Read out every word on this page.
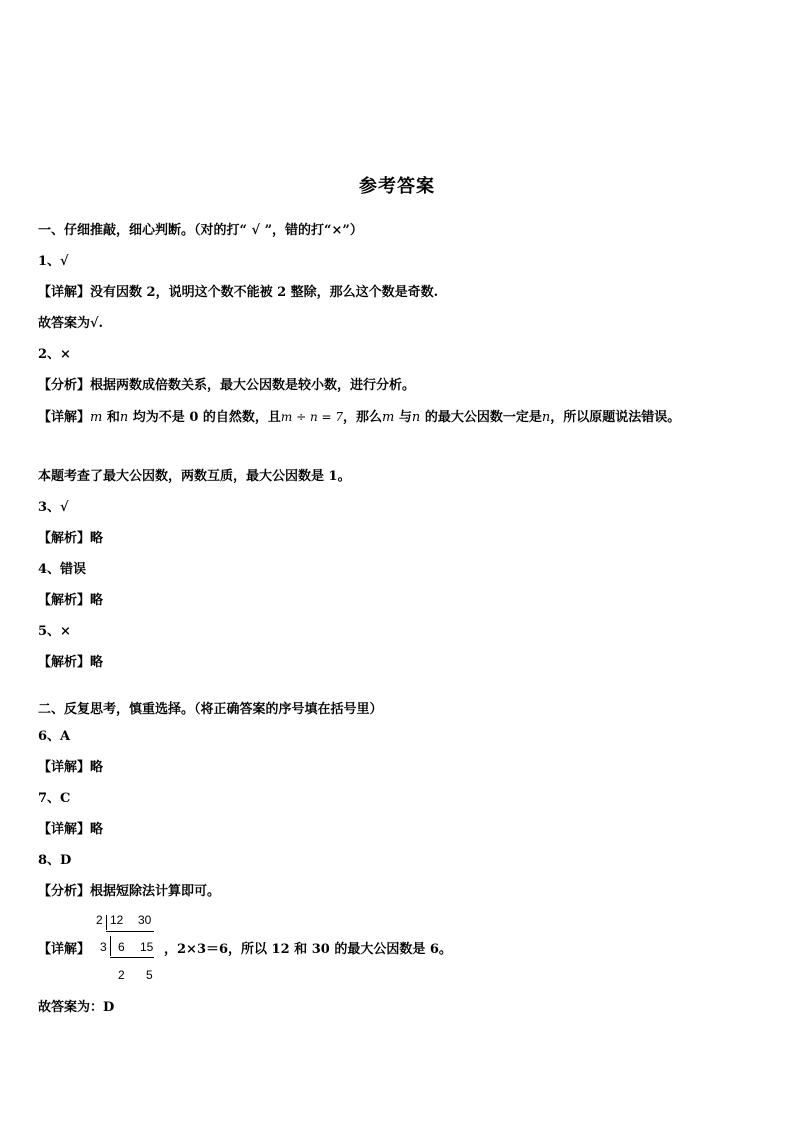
参考答案
一、仔细推敲，细心判断。（对的打“ √ ”，错的打“×”）
1、√
【详解】没有因数 2，说明这个数不能被 2 整除，那么这个数是奇数.
故答案为√.
2、×
【分析】根据两数成倍数关系，最大公因数是较小数，进行分析。
【详解】m 和n 均为不是 0 的自然数，且m ÷ n = 7，那么m 与n 的最大公因数一定是n，所以原题说法错误。
本题考查了最大公因数，两数互质，最大公因数是 1。
3、√
【解析】略
4、错误
【解析】略
5、×
【解析】略
二、反复思考，慎重选择。（将正确答案的序号填在括号里）
6、A
【详解】略
7、C
【详解】略
8、D
【分析】根据短除法计算即可。
【详解】
2 12 30
3 6 15
2 5
，2×3＝6，所以 12 和 30 的最大公因数是 6。
故答案为：D
